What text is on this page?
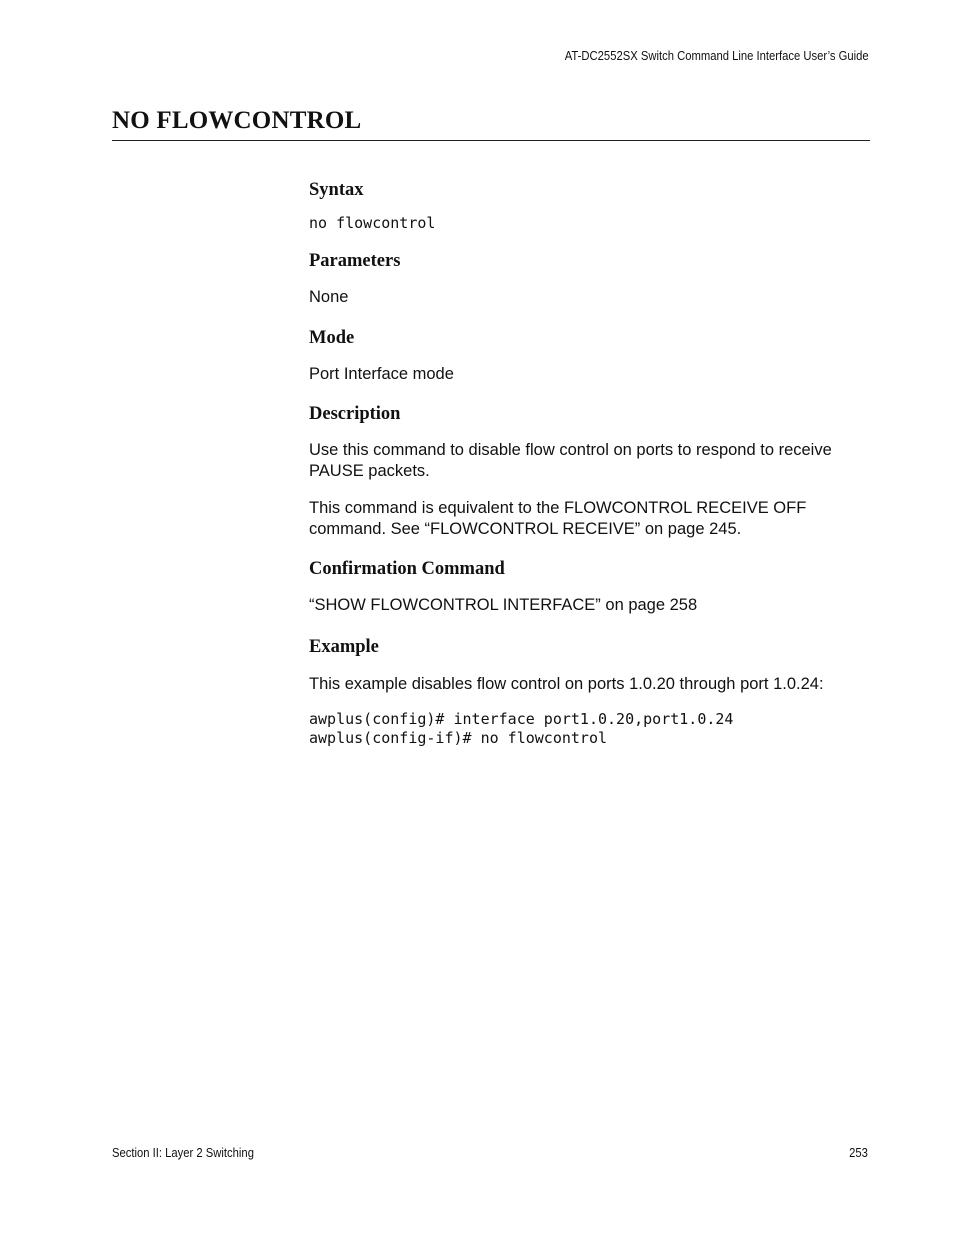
AT-DC2552SX Switch Command Line Interface User’s Guide
NO FLOWCONTROL
Syntax

no flowcontrol

Parameters

None

Mode

Port Interface mode

Description

Use this command to disable flow control on ports to respond to receive PAUSE packets.

This command is equivalent to the FLOWCONTROL RECEIVE OFF command. See “FLOWCONTROL RECEIVE” on page 245.

Confirmation Command

“SHOW FLOWCONTROL INTERFACE” on page 258

Example

This example disables flow control on ports 1.0.20 through port 1.0.24:

awplus(config)# interface port1.0.20,port1.0.24

awplus(config-if)# no flowcontrol

Section II: Layer 2 Switching	253
